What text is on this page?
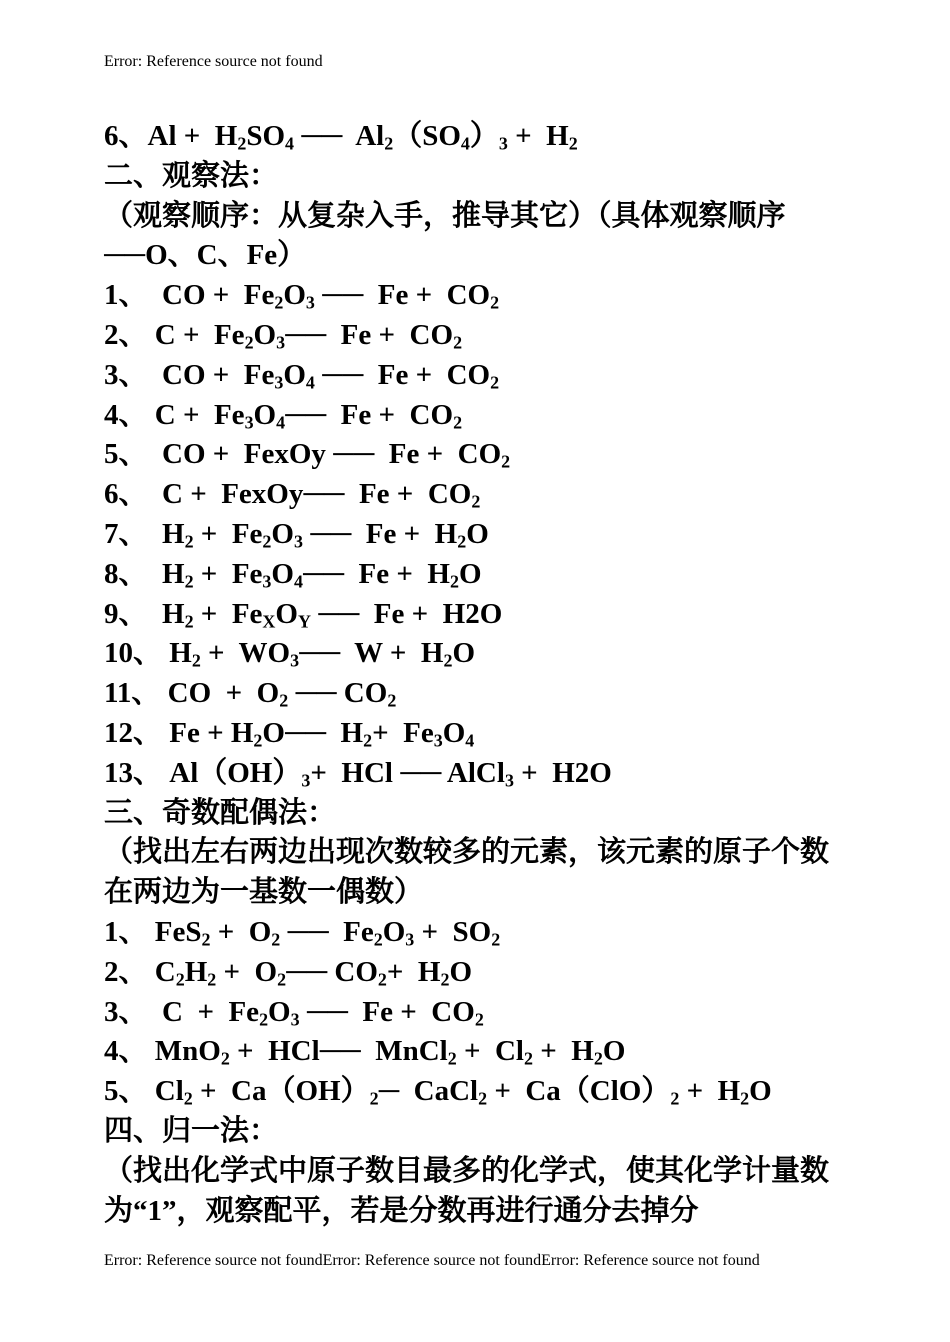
Error: Reference source not found
6、$Al + H_2SO_4$ ──  $Al_2(SO_4)_3 + H_2$
二、观察法：
（观察顺序：从复杂入手，推导其它）（具体观察顺序──O、C、Fe）
1、  CO +  $Fe_2O_3$ ──  $Fe + CO_2$
2、 $C + Fe_2O_3──$  $Fe + CO_2$
3、  CO +  $Fe_3O_4$ ──  $Fe + CO_2$
4、 $C + Fe_3O_4──$  $Fe + CO_2$
5、  CO +  FexOy ──  $Fe + CO_2$
6、  C +  FexOy──  $Fe + CO_2$
7、  $H_2 + Fe_2O_3$ ──  $Fe + H_2O$
8、  $H_2$ +  $Fe_3O_4──$  $Fe + H_2O$
9、  $H_2 + Fe_XO_Y$ ──  Fe +  H2O
10、 $H_2$ +  $WO_3──$  $W + H_2O$
11、 CO  +  $O_2$ ── $CO_2$
12、 $Fe + H_2O──$  $H_2+ Fe_3O_4$
13、 $Al(OH)_3+$  HCl ── AlCl$_3$ +  H2O
三、奇数配偶法：
（找出左右两边出现次数较多的元素，该元素的原子个数在两边为一基数一偶数）
1、 $FeS_2 + O_2$ ──  $Fe_2O_3 + SO_2$
2、 $C_2H_2$ +  $O_2──$ $CO_2+ H_2O$
3、  $C + Fe_2O_3$ ──  $Fe + CO_2$
4、 MnO$_2$ +  HCl──  MnCl$_2$ +  $Cl_2 + H_2O$
5、 $Cl_2$ +  $Ca(OH)_2─$  CaCl$_2$ +  $Ca(ClO)_2 + H_2O$
四、归一法：
（找出化学式中原子数目最多的化学式，使其化学计量数为“1”，观察配平，若是分数再进行通分去掉分
Error: Reference source not foundError: Reference source not foundError: Reference source not found
